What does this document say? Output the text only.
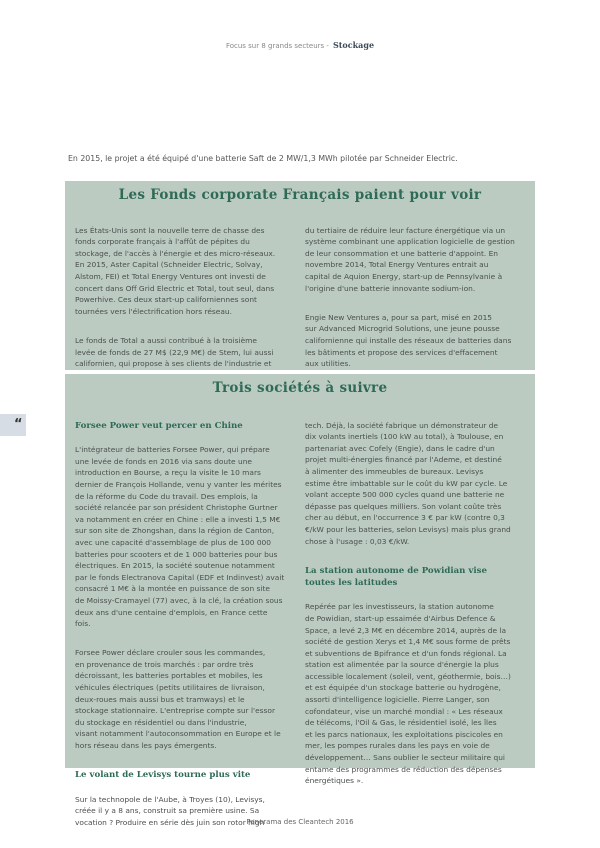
Focus sur 8 grands secteurs - Stockage
En 2015, le projet a été équipé d'une batterie Saft de 2 MW/1,3 MWh pilotée par Schneider Electric.
Les Fonds corporate Français paient pour voir

Les États-Unis sont la nouvelle terre de chasse des
fonds corporate français à l'affût de pépites du
stockage, de l'accès à l'énergie et des micro-réseaux.
En 2015, Aster Capital (Schneider Electric, Solvay,
Alstom, FEI) et Total Energy Ventures ont investi de
concert dans Off Grid Electric et Total, tout seul, dans
Powerhive. Ces deux start-up californiennes sont
tournées vers l'électrification hors réseau.

Le fonds de Total a aussi contribué à la troisième
levée de fonds de 27 M$ (22,9 M€) de Stem, lui aussi
californien, qui propose à ses clients de l'industrie et

du tertiaire de réduire leur facture énergétique via un
système combinant une application logicielle de gestion
de leur consommation et une batterie d'appoint. En
novembre 2014, Total Energy Ventures entrait au
capital de Aquion Energy, start-up de Pennsylvanie à
l'origine d'une batterie innovante sodium-ion.

Engie New Ventures a, pour sa part, misé en 2015
sur Advanced Microgrid Solutions, une jeune pousse
californienne qui installe des réseaux de batteries dans
les bâtiments et propose des services d'effacement
aux utilities.

“
Trois sociétés à suivre

Forsee Power veut percer en Chine

L'intégrateur de batteries Forsee Power, qui prépare
une levée de fonds en 2016 via sans doute une
introduction en Bourse, a reçu la visite le 10 mars
dernier de François Hollande, venu y vanter les mérites
de la réforme du Code du travail. Des emplois, la
société relancée par son président Christophe Gurtner
va notamment en créer en Chine : elle a investi 1,5 M€
sur son site de Zhongshan, dans la région de Canton,
avec une capacité d'assemblage de plus de 100 000
batteries pour scooters et de 1 000 batteries pour bus
électriques. En 2015, la société soutenue notamment
par le fonds Electranova Capital (EDF et Indinvest) avait
consacré 1 M€ à la montée en puissance de son site
de Moissy-Cramayel (77) avec, à la clé, la création sous
deux ans d'une centaine d'emplois, en France cette
fois.

Forsee Power déclare crouler sous les commandes,
en provenance de trois marchés : par ordre très
décroissant, les batteries portables et mobiles, les
véhicules électriques (petits utilitaires de livraison,
deux-roues mais aussi bus et tramways) et le
stockage stationnaire. L'entreprise compte sur l'essor
du stockage en résidentiel ou dans l'industrie,
visant notamment l'autoconsommation en Europe et le
hors réseau dans les pays émergents.

Le volant de Levisys tourne plus vite

Sur la technopole de l'Aube, à Troyes (10), Levisys,
créée il y a 8 ans, construit sa première usine. Sa
vocation ? Produire en série dès juin son rotor high

tech. Déjà, la société fabrique un démonstrateur de
dix volants inertiels (100 kW au total), à Toulouse, en
partenariat avec Cofely (Engie), dans le cadre d'un
projet multi-énergies financé par l'Ademe, et destiné
à alimenter des immeubles de bureaux. Levisys
estime être imbattable sur le coût du kW par cycle. Le
volant accepte 500 000 cycles quand une batterie ne
dépasse pas quelques milliers. Son volant coûte très
cher au début, en l'occurrence 3 € par kW (contre 0,3
€/kW pour les batteries, selon Levisys) mais plus grand
chose à l'usage : 0,03 €/kW.

La station autonome de Powidian vise
toutes les latitudes

Repérée par les investisseurs, la station autonome
de Powidian, start-up essaimée d'Airbus Defence &
Space, a levé 2,3 M€ en décembre 2014, auprès de la
société de gestion Xerys et 1,4 M€ sous forme de prêts
et subventions de Bpifrance et d'un fonds régional. La
station est alimentée par la source d'énergie la plus
accessible localement (soleil, vent, géothermie, bois…)
et est équipée d'un stockage batterie ou hydrogène,
assorti d'intelligence logicielle. Pierre Langer, son
cofondateur, vise un marché mondial : « Les réseaux
de télécoms, l'Oil & Gas, le résidentiel isolé, les îles
et les parcs nationaux, les exploitations piscicoles en
mer, les pompes rurales dans les pays en voie de
développement… Sans oublier le secteur militaire qui
entame des programmes de réduction des dépenses
énergétiques ».

Panorama des Cleantech 2016
